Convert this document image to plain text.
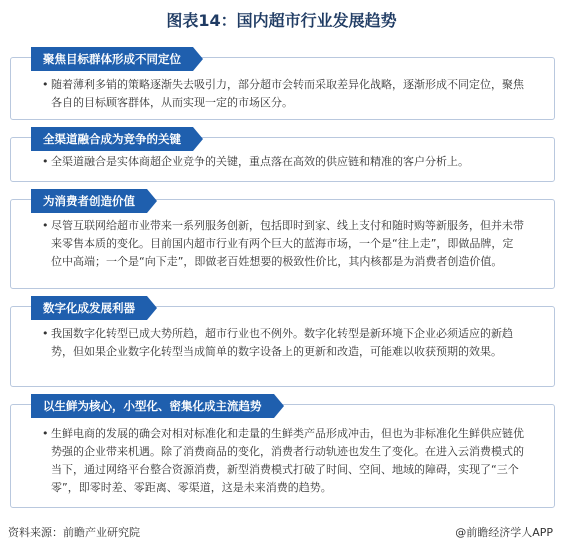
图表14：国内超市行业发展趋势
聚焦目标群体形成不同定位
• 随着薄利多销的策略逐渐失去吸引力，部分超市会转而采取差异化战略，逐渐形成不同定位，聚焦各自的目标顾客群体，从而实现一定的市场区分。
全渠道融合成为竞争的关键
• 全渠道融合是实体商超企业竞争的关键，重点落在高效的供应链和精准的客户分析上。
为消费者创造价值
• 尽管互联网给超市业带来一系列服务创新，包括即时到家、线上支付和随时购等新服务，但并未带来零售本质的变化。目前国内超市行业有两个巨大的蓝海市场，一个是“往上走”，即做品牌，定位中高端；一个是“向下走”，即做老百姓想要的极致性价比，其内核都是为消费者创造价值。
数字化成发展利器
• 我国数字化转型已成大势所趋，超市行业也不例外。数字化转型是新环境下企业必须适应的新趋势，但如果企业数字化转型当成简单的数字设备上的更新和改造，可能难以收获预期的效果。
以生鲜为核心，小型化、密集化成主流趋势
• 生鲜电商的发展的确会对相对标准化和走量的生鲜类产品形成冲击，但也为非标准化生鲜供应链优势强的企业带来机遇。除了消费商品的变化，消费者行动轨迹也发生了变化。在进入云消费模式的当下，通过网络平台整合资源消费，新型消费模式打破了时间、空间、地域的障碍，实现了“三个零”，即零时差、零距离、零渠道，这是未来消费的趋势。
资料来源：前瞻产业研究院	@前瞻经济学人APP
